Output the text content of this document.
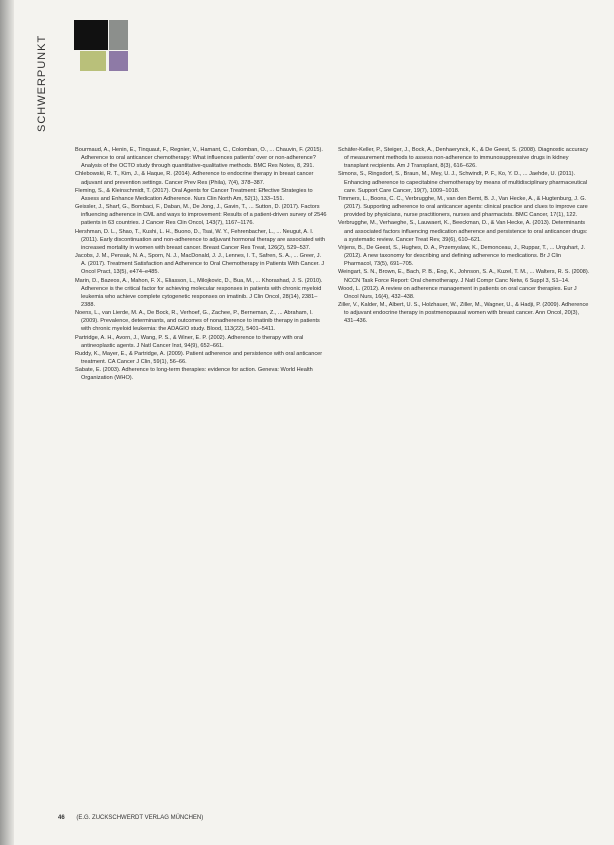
SCHWERPUNKT

Bourmaud, A., Henin, E., Tinquaut, F., Regnier, V., Hamant, C., Colomban, O., ... Chauvin, F. (2015). Adherence to oral anticancer chemotherapy: What influences patients' over or non-adherence? Analysis of the OCTO study through quantitative-qualitative methods. BMC Res Notes, 8, 291.

Chlebowski, R. T., Kim, J., & Haque, R. (2014). Adherence to endocrine therapy in breast cancer adjuvant and prevention settings. Cancer Prev Res (Phila), 7(4), 378–387.

Fleming, S., & Kleinschmidt, T. (2017). Oral Agents for Cancer Treatment: Effective Strategies to Assess and Enhance Medication Adherence. Nurs Clin North Am, 52(1), 133–151.

Geissler, J., Sharf, G., Bombaci, F., Daban, M., De Jong, J., Gavin, T., ... Sutton, D. (2017). Factors influencing adherence in CML and ways to improvement: Results of a patient-driven survey of 2546 patients in 63 countries. J Cancer Res Clin Oncol, 143(7), 1167–1176.

Hershman, D. L., Shao, T., Kushi, L. H., Buono, D., Tsai, W. Y., Fehrenbacher, L., ... Neugut, A. I. (2011). Early discontinuation and non-adherence to adjuvant hormonal therapy are associated with increased mortality in women with breast cancer. Breast Cancer Res Treat, 126(2), 529–537.

Jacobs, J. M., Pensak, N. A., Sporn, N. J., MacDonald, J. J., Lennes, I. T., Safren, S. A., ... Greer, J. A. (2017). Treatment Satisfaction and Adherence to Oral Chemotherapy in Patients With Cancer. J Oncol Pract, 13(5), e474–e485.

Marin, D., Bazeos, A., Mahon, F. X., Eliasson, L., Milojkovic, D., Bua, M., ... Khorashad, J. S. (2010). Adherence is the critical factor for achieving molecular responses in patients with chronic myeloid leukemia who achieve complete cytogenetic responses on imatinib. J Clin Oncol, 28(14), 2381–2388.

Noens, L., van Lierde, M. A., De Bock, R., Verhoef, G., Zachee, P., Berneman, Z., ... Abraham, I. (2009). Prevalence, determinants, and outcomes of nonadherence to imatinib therapy in patients with chronic myeloid leukemia: the ADAGIO study. Blood, 113(22), 5401–5411.

Partridge, A. H., Avorn, J., Wang, P. S., & Winer, E. P. (2002). Adherence to therapy with oral antineoplastic agents. J Natl Cancer Inst, 94(9), 652–661.

Ruddy, K., Mayer, E., & Partridge, A. (2009). Patient adherence and persistence with oral anticancer treatment. CA Cancer J Clin, 59(1), 56–66.

Sabate, E. (2003). Adherence to long-term therapies: evidence for action. Geneva: World Health Organization (WHO).

Schäfer-Keller, P., Steiger, J., Bock, A., Denhaerynck, K., & De Geest, S. (2008). Diagnostic accuracy of measurement methods to assess non-adherence to immunosuppressive drugs in kidney transplant recipients. Am J Transplant, 8(3), 616–626.

Simons, S., Ringsdorf, S., Braun, M., Mey, U. J., Schwindt, P. F., Ko, Y. D., ... Jaehde, U. (2011). Enhancing adherence to capecitabine chemotherapy by means of multidisciplinary pharmaceutical care. Support Care Cancer, 19(7), 1009–1018.

Timmers, L., Boons, C. C., Verbrugghe, M., van den Bemt, B. J., Van Hecke, A., & Hugtenburg, J. G. (2017). Supporting adherence to oral anticancer agents: clinical practice and clues to improve care provided by physicians, nurse practitioners, nurses and pharmacists. BMC Cancer, 17(1), 122.

Verbrugghe, M., Verhaeghe, S., Lauwaert, K., Beeckman, D., & Van Hecke, A. (2013). Determinants and associated factors influencing medication adherence and persistence to oral anticancer drugs: a systematic review. Cancer Treat Rev, 39(6), 610–621.

Vrijens, B., De Geest, S., Hughes, D. A., Przemyslaw, K., Demonceau, J., Ruppar, T., ... Urquhart, J. (2012). A new taxonomy for describing and defining adherence to medications. Br J Clin Pharmacol, 73(5), 691–705.

Weingart, S. N., Brown, E., Bach, P. B., Eng, K., Johnson, S. A., Kuzel, T. M., ... Walters, R. S. (2008). NCCN Task Force Report: Oral chemotherapy. J Natl Compr Canc Netw, 6 Suppl 3, S1–14.

Wood, L. (2012). A review on adherence management in patients on oral cancer therapies. Eur J Oncol Nurs, 16(4), 432–438.

Ziller, V., Kalder, M., Albert, U. S., Holzhauer, W., Ziller, M., Wagner, U., & Hadji, P. (2009). Adherence to adjuvant endocrine therapy in postmenopausal women with breast cancer. Ann Oncol, 20(3), 431–436.

46 (E.G. ZUCKSCHWERDT VERLAG MÜNCHEN)
